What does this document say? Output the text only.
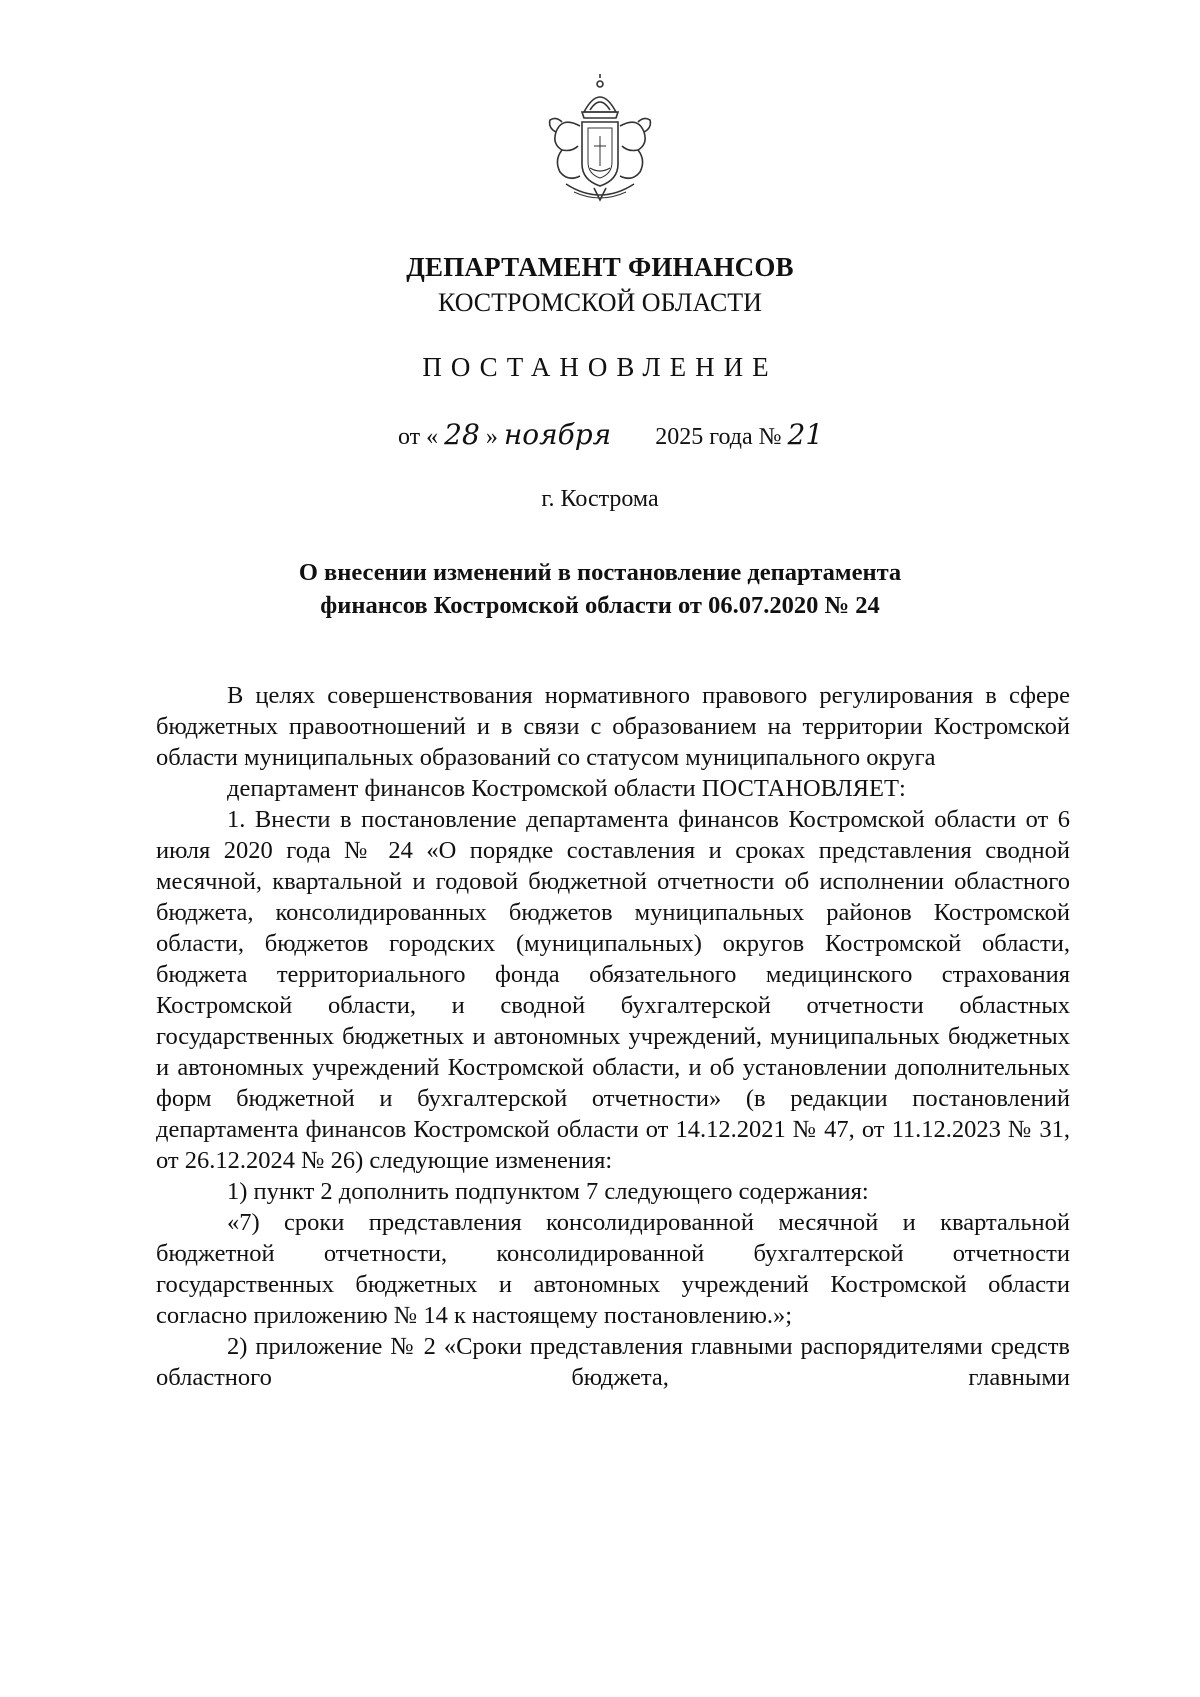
ДЕПАРТАМЕНТ ФИНАНСОВ
КОСТРОМСКОЙ ОБЛАСТИ
ПОСТАНОВЛЕНИЕ
от « 28 » ноября 2025 года № 21
г. Кострома
О внесении изменений в постановление департамента
финансов Костромской области от 06.07.2020 № 24

В целях совершенствования нормативного правового регулирования в сфере бюджетных правоотношений и в связи с образованием на территории Костромской области муниципальных образований со статусом муниципального округа

департамент финансов Костромской области ПОСТАНОВЛЯЕТ:

1. Внести в постановление департамента финансов Костромской области от 6 июля 2020 года № 24 «О порядке составления и сроках представления сводной месячной, квартальной и годовой бюджетной отчетности об исполнении областного бюджета, консолидированных бюджетов муниципальных районов Костромской области, бюджетов городских (муниципальных) округов Костромской области, бюджета территориального фонда обязательного медицинского страхования Костромской области, и сводной бухгалтерской отчетности областных государственных бюджетных и автономных учреждений, муниципальных бюджетных и автономных учреждений Костромской области, и об установлении дополнительных форм бюджетной и бухгалтерской отчетности» (в редакции постановлений департамента финансов Костромской области от 14.12.2021 № 47, от 11.12.2023 № 31, от 26.12.2024 № 26) следующие изменения:

1) пункт 2 дополнить подпунктом 7 следующего содержания:

«7) сроки представления консолидированной месячной и квартальной бюджетной отчетности, консолидированной бухгалтерской отчетности государственных бюджетных и автономных учреждений Костромской области согласно приложению № 14 к настоящему постановлению.»;

2) приложение № 2 «Сроки представления главными распорядителями средств областного бюджета, главными
